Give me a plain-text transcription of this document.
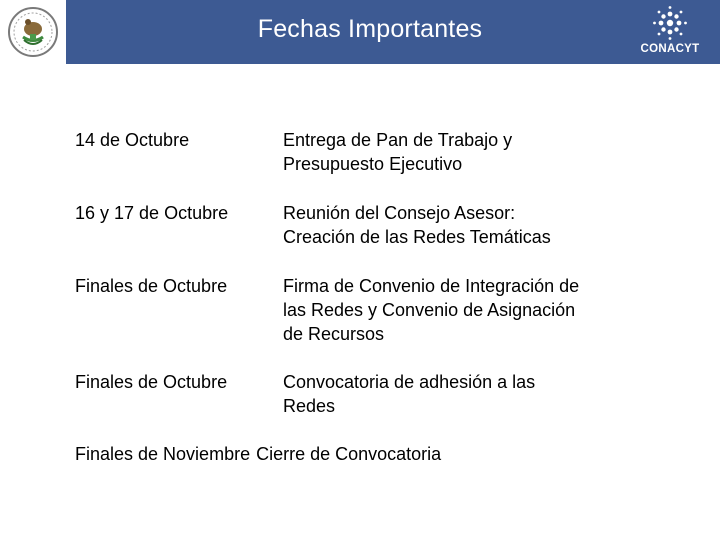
Fechas Importantes
CONACYT
14 de Octubre	Entrega de Pan de Trabajo y
Presupuesto Ejecutivo
16 y 17 de Octubre	Reunión del Consejo Asesor:
Creación de las Redes Temáticas
Finales de Octubre	Firma de Convenio de Integración de
las Redes y Convenio de Asignación
de Recursos
Finales de Octubre	Convocatoria de adhesión a las
Redes
Finales de Noviembre Cierre de Convocatoria
